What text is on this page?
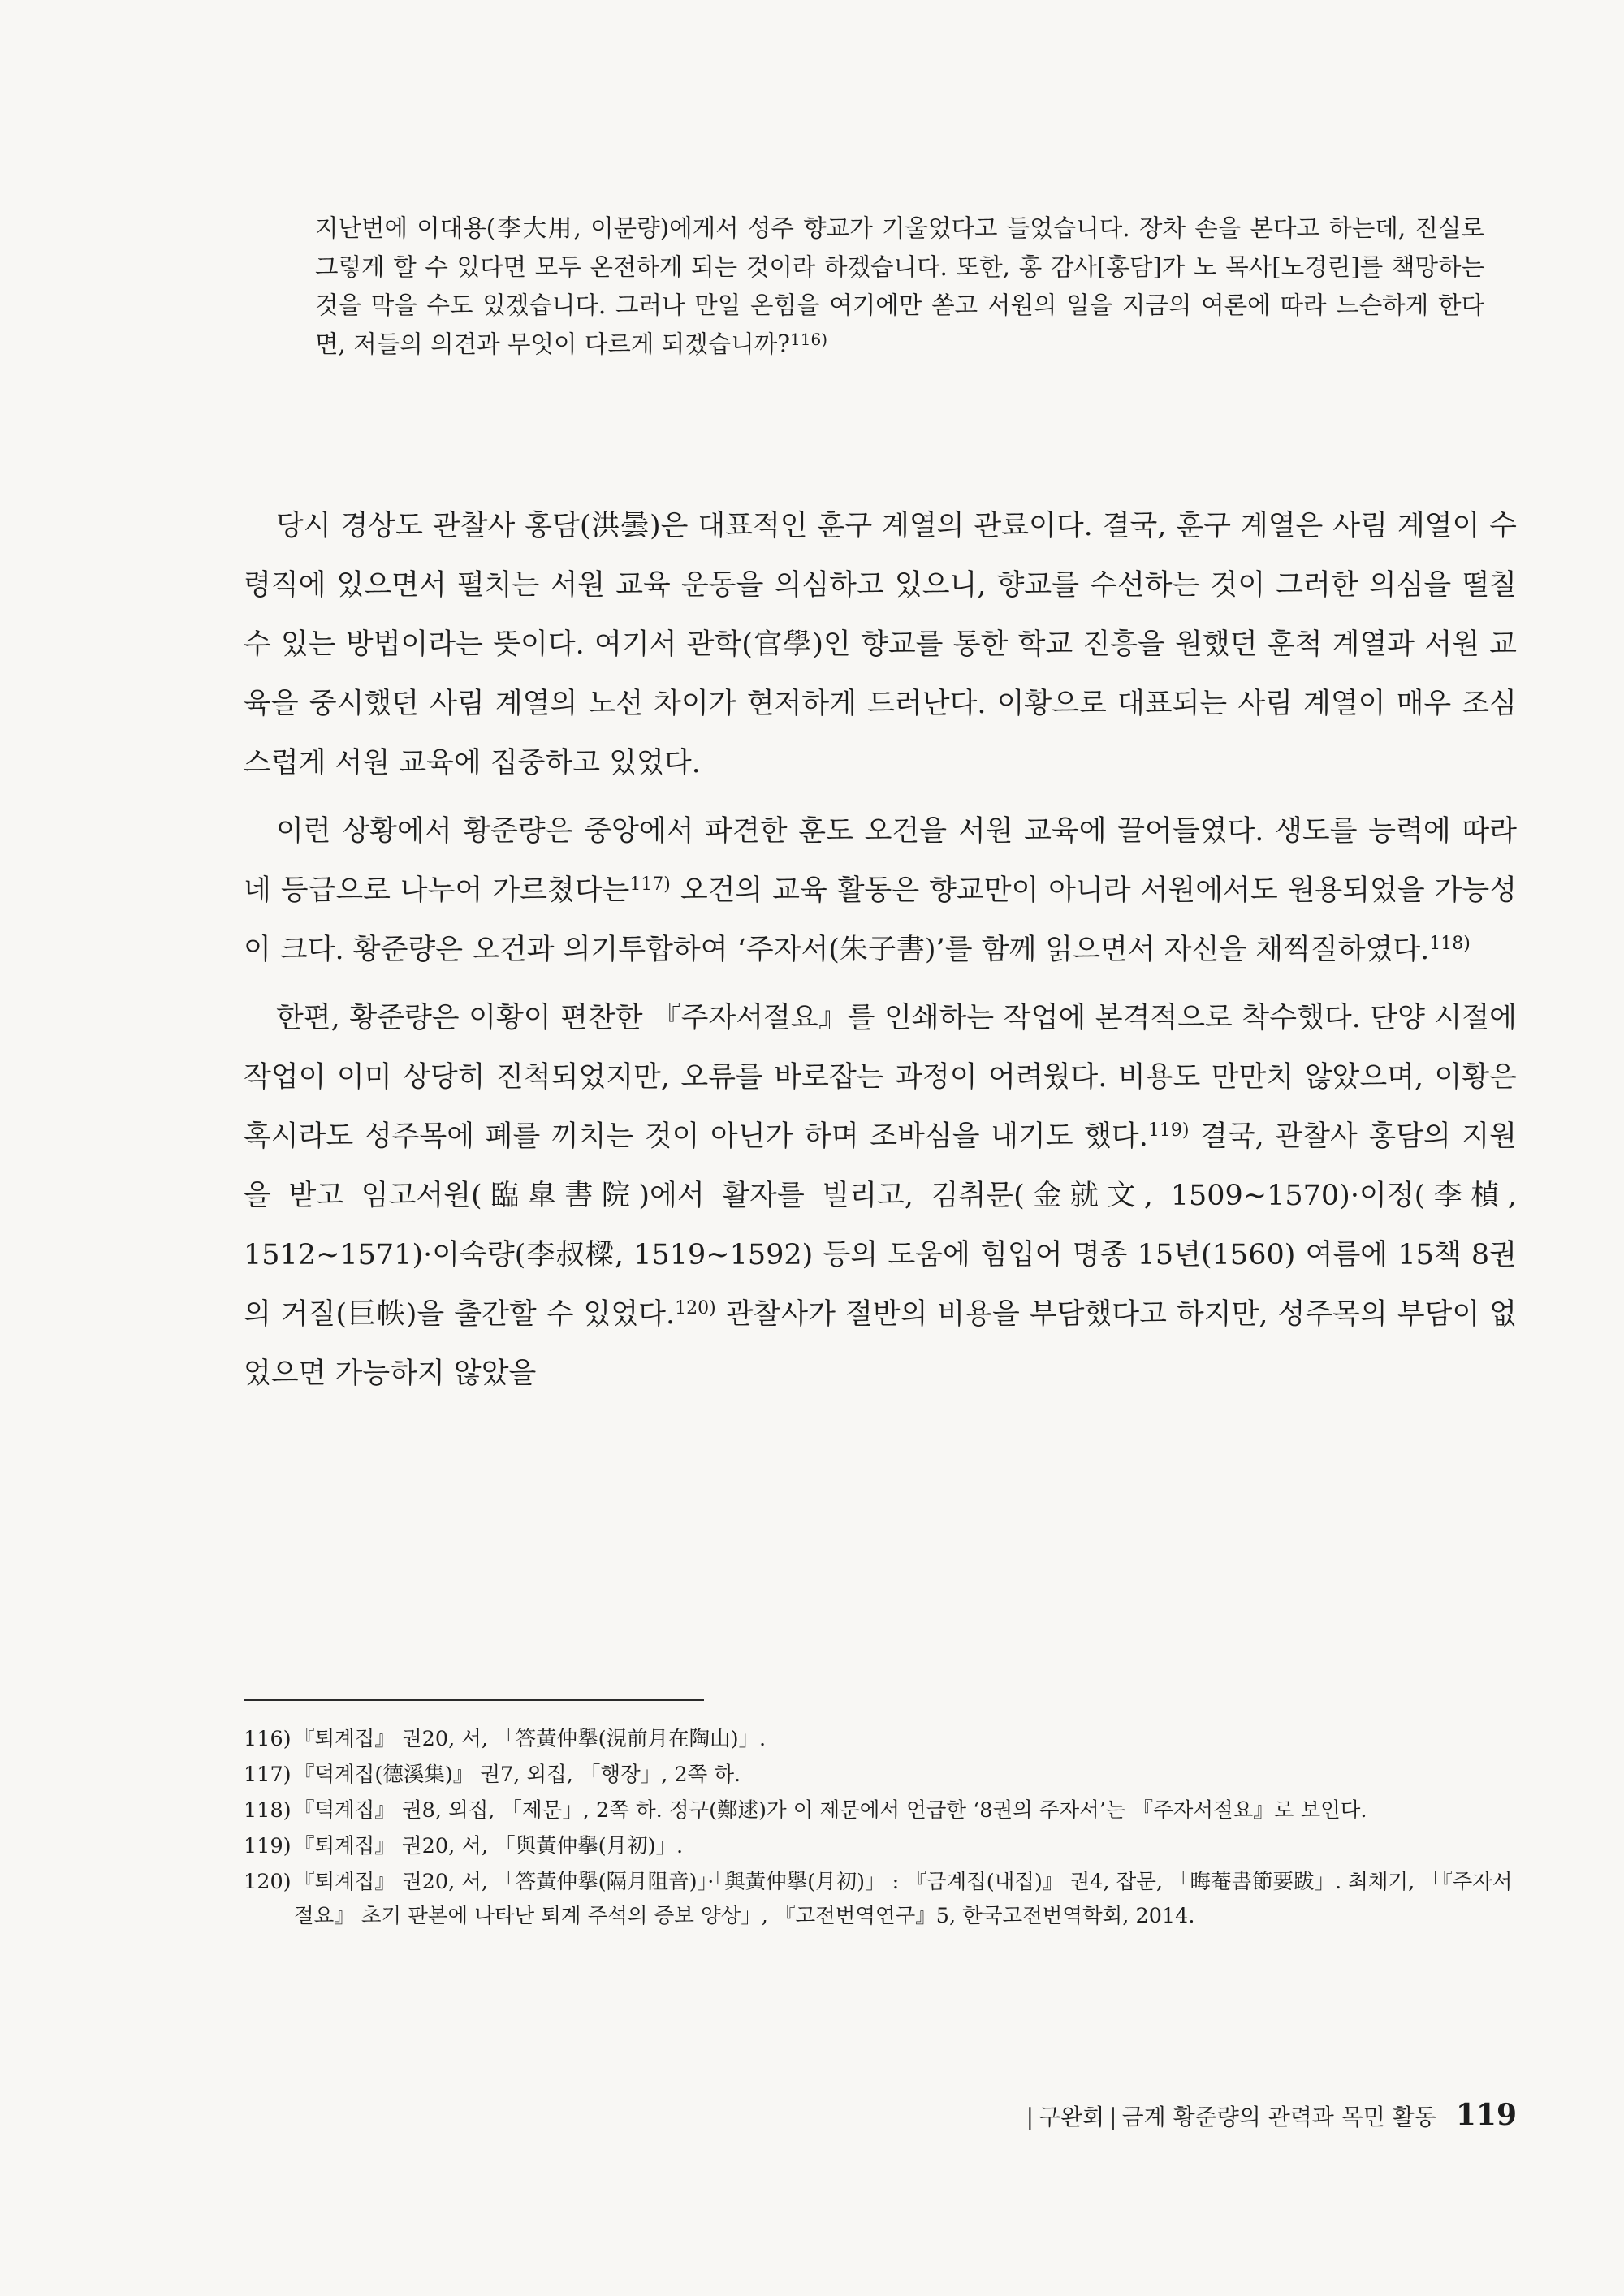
지난번에 이대용(李大用, 이문량)에게서 성주 향교가 기울었다고 들었습니다. 장차 손을 본다고 하는데, 진실로 그렇게 할 수 있다면 모두 온전하게 되는 것이라 하겠습니다. 또한, 홍 감사[홍담]가 노 목사[노경린]를 책망하는 것을 막을 수도 있겠습니다. 그러나 만일 온힘을 여기에만 쏟고 서원의 일을 지금의 여론에 따라 느슨하게 한다면, 저들의 의견과 무엇이 다르게 되겠습니까?$^{116)}$

당시 경상도 관찰사 홍담(洪曇)은 대표적인 훈구 계열의 관료이다. 결국, 훈구 계열은 사림 계열이 수령직에 있으면서 펼치는 서원 교육 운동을 의심하고 있으니, 향교를 수선하는 것이 그러한 의심을 떨칠 수 있는 방법이라는 뜻이다. 여기서 관학(官學)인 향교를 통한 학교 진흥을 원했던 훈척 계열과 서원 교육을 중시했던 사림 계열의 노선 차이가 현저하게 드러난다. 이황으로 대표되는 사림 계열이 매우 조심스럽게 서원 교육에 집중하고 있었다.

이런 상황에서 황준량은 중앙에서 파견한 훈도 오건을 서원 교육에 끌어들였다. 생도를 능력에 따라 네 등급으로 나누어 가르쳤다는$^{117)}$ 오건의 교육 활동은 향교만이 아니라 서원에서도 원용되었을 가능성이 크다. 황준량은 오건과 의기투합하여 ‘주자서(朱子書)’를 함께 읽으면서 자신을 채찍질하였다.$^{118)}$

한편, 황준량은 이황이 편찬한 『주자서절요』를 인쇄하는 작업에 본격적으로 착수했다. 단양 시절에 작업이 이미 상당히 진척되었지만, 오류를 바로잡는 과정이 어려웠다. 비용도 만만치 않았으며, 이황은 혹시라도 성주목에 폐를 끼치는 것이 아닌가 하며 조바심을 내기도 했다.$^{119)}$ 결국, 관찰사 홍담의 지원을 받고 임고서원(臨皐書院)에서 활자를 빌리고, 김취문(金就文, 1509~1570)·이정(李楨, 1512~1571)·이숙량(李叔樑, 1519~1592) 등의 도움에 힘입어 명종 15년(1560) 여름에 15책 8권의 거질(巨帙)을 출간할 수 있었다.$^{120)}$ 관찰사가 절반의 비용을 부담했다고 하지만, 성주목의 부담이 없었으면 가능하지 않았을

116) 『퇴계집』 권20, 서, 「答黃仲擧(涀前月在陶山)」.
117) 『덕계집(德溪集)』 권7, 외집, 「행장」, 2쪽 하.
118) 『덕계집』 권8, 외집, 「제문」, 2쪽 하. 정구(鄭逑)가 이 제문에서 언급한 ‘8권의 주자서’는 『주자서절요』로 보인다.
119) 『퇴계집』 권20, 서, 「與黃仲擧(月初)」.
120) 『퇴계집』 권20, 서, 「答黃仲擧(隔月阻音)」·「與黃仲擧(月初)」 : 『금계집(내집)』 권4, 잡문, 「晦菴書節要跋」. 최채기, 「『주자서절요』 초기 판본에 나타난 퇴계 주석의 증보 양상」, 『고전번역연구』5, 한국고전번역학회, 2014.
| 구완회 | 금계 황준량의 관력과 목민 활동 119
